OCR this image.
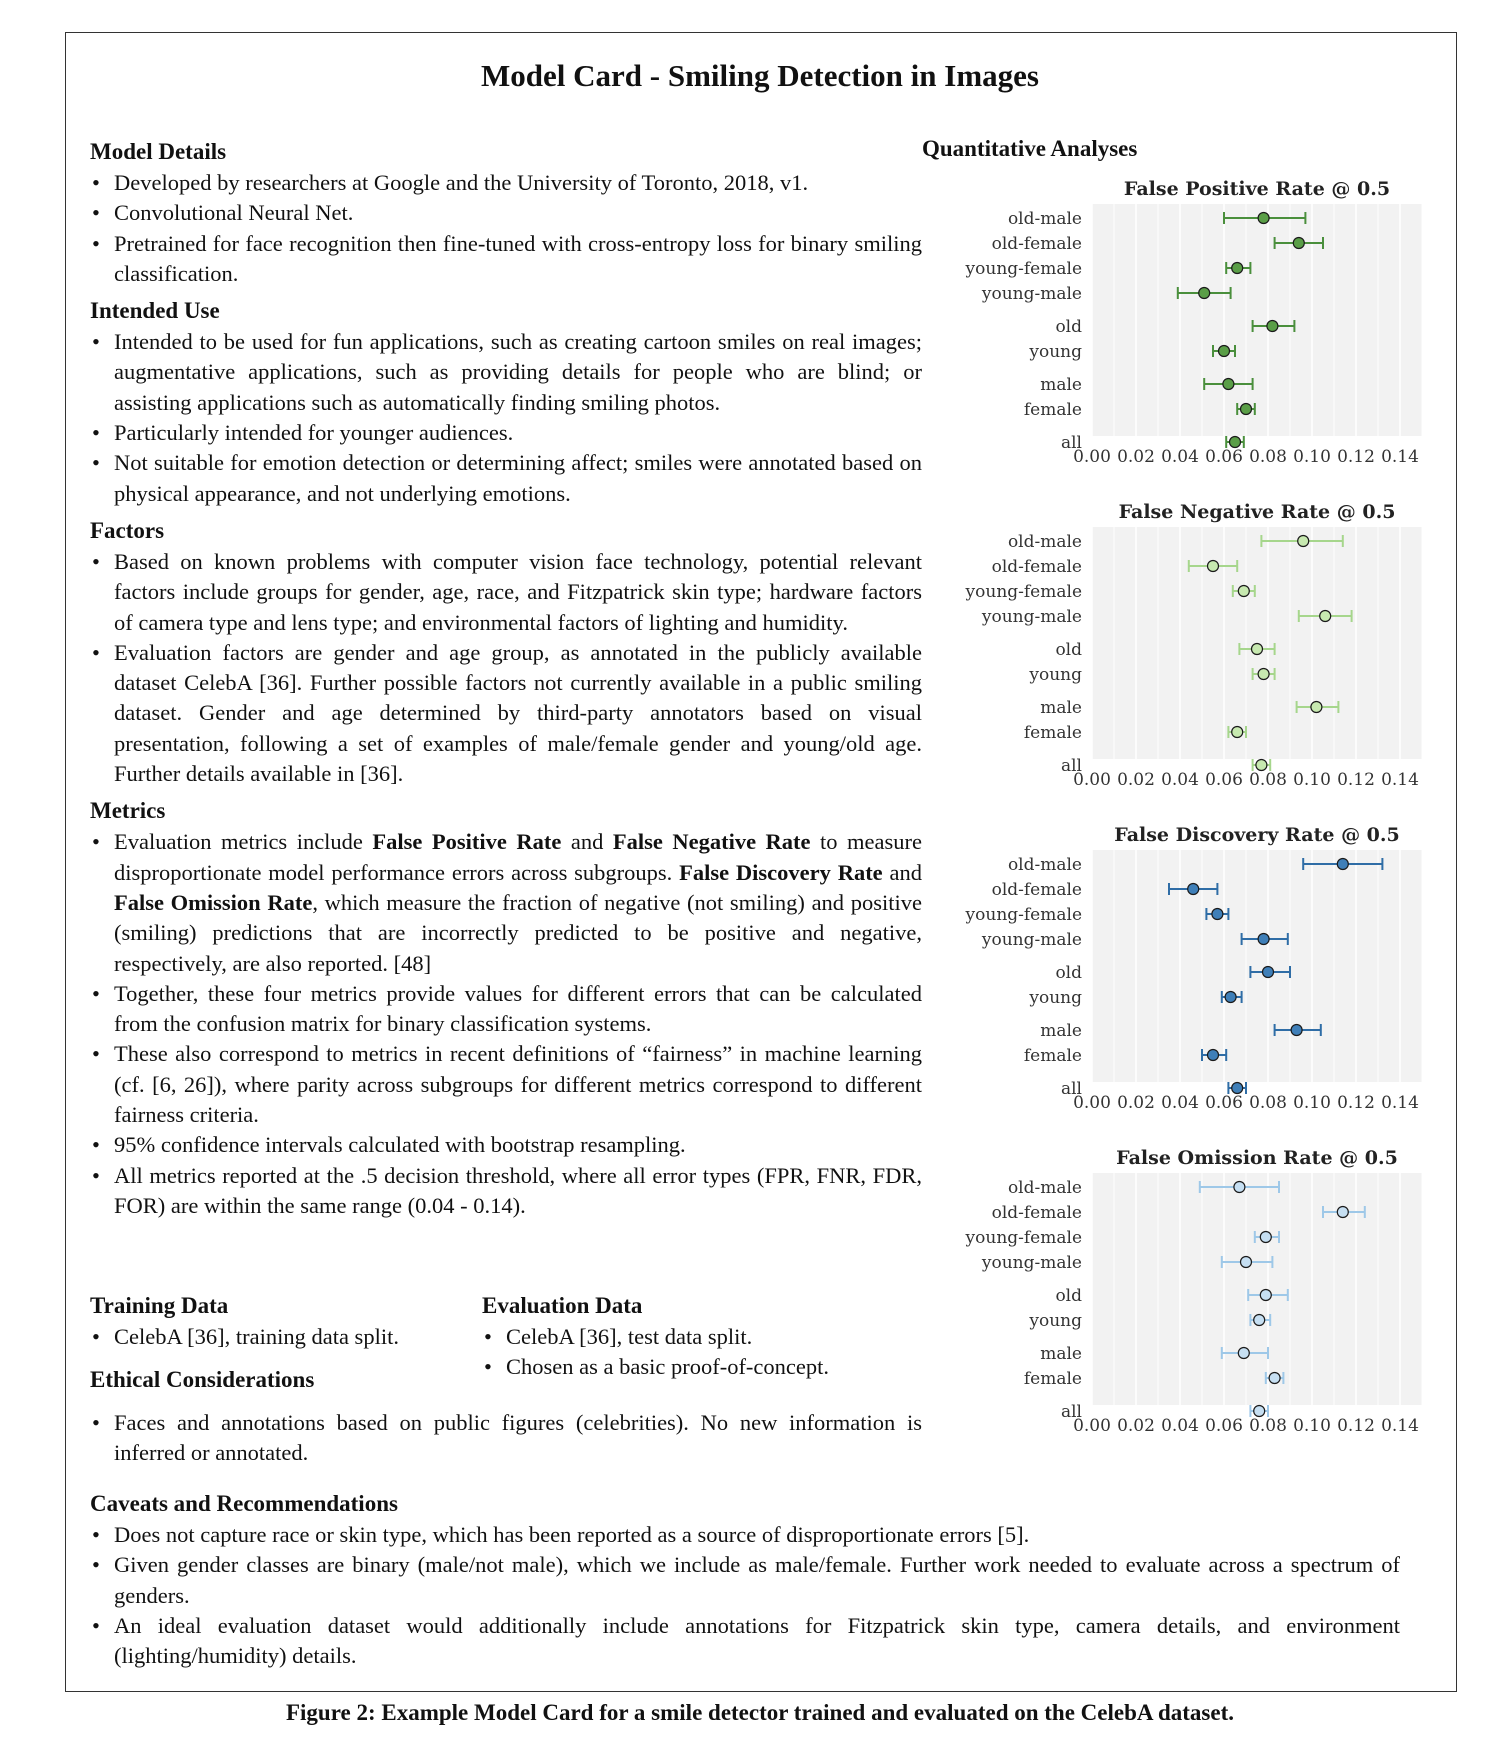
Model Card - Smiling Detection in Images
Model Details
• Developed by researchers at Google and the University of Toronto, 2018, v1.
• Convolutional Neural Net.
• Pretrained for face recognition then fine-tuned with cross-entropy loss for binary smiling classification.
Intended Use
• Intended to be used for fun applications, such as creating cartoon smiles on real images; augmentative applications, such as providing details for people who are blind; or assisting applications such as automatically finding smiling photos.
• Particularly intended for younger audiences.
• Not suitable for emotion detection or determining affect; smiles were annotated based on physical appearance, and not underlying emotions.
Factors
• Based on known problems with computer vision face technology, potential relevant factors include groups for gender, age, race, and Fitzpatrick skin type; hardware factors of camera type and lens type; and environmental factors of lighting and humidity.
• Evaluation factors are gender and age group, as annotated in the publicly available dataset CelebA [36]. Further possible factors not currently available in a public smiling dataset. Gender and age determined by third-party annotators based on visual presentation, following a set of examples of male/female gender and young/old age. Further details available in [36].
Metrics
• Evaluation metrics include False Positive Rate and False Negative Rate to measure disproportionate model performance errors across subgroups. False Discovery Rate and False Omission Rate, which measure the fraction of negative (not smiling) and positive (smiling) predictions that are incorrectly predicted to be positive and negative, respectively, are also reported. [48]
• Together, these four metrics provide values for different errors that can be calculated from the confusion matrix for binary classification systems.
• These also correspond to metrics in recent definitions of “fairness” in machine learning (cf. [6, 26]), where parity across subgroups for different metrics correspond to different fairness criteria.
• 95% confidence intervals calculated with bootstrap resampling.
• All metrics reported at the .5 decision threshold, where all error types (FPR, FNR, FDR, FOR) are within the same range (0.04 - 0.14).
Training Data
• CelebA [36], training data split.
Ethical Considerations
Evaluation Data
• CelebA [36], test data split.
• Chosen as a basic proof-of-concept.
• Faces and annotations based on public figures (celebrities). No new information is inferred or annotated.
Caveats and Recommendations
• Does not capture race or skin type, which has been reported as a source of disproportionate errors [5].
• Given gender classes are binary (male/not male), which we include as male/female. Further work needed to evaluate across a spectrum of genders.
• An ideal evaluation dataset would additionally include annotations for Fitzpatrick skin type, camera details, and environment (lighting/humidity) details.
Quantitative Analyses
False Positive Rate @ 0.5
0.00 0.02 0.04 0.06 0.08 0.10 0.12 0.14
old-male
old-female
young-female
young-male
old
young
male
female
all
False Negative Rate @ 0.5
0.00 0.02 0.04 0.06 0.08 0.10 0.12 0.14
old-male
old-female
young-female
young-male
old
young
male
female
all
False Discovery Rate @ 0.5
0.00 0.02 0.04 0.06 0.08 0.10 0.12 0.14
old-male
old-female
young-female
young-male
old
young
male
female
all
False Omission Rate @ 0.5
0.00 0.02 0.04 0.06 0.08 0.10 0.12 0.14
old-male
old-female
young-female
young-male
old
young
male
female
all
Figure 2: Example Model Card for a smile detector trained and evaluated on the CelebA dataset.
